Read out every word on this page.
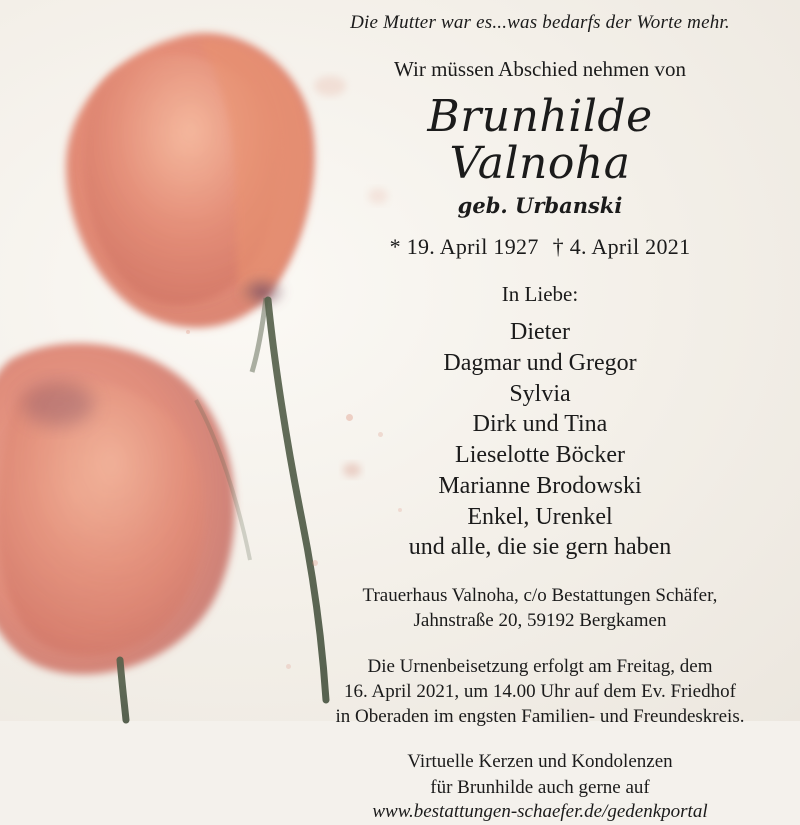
Die Mutter war es...was bedarfs der Worte mehr.
Wir müssen Abschied nehmen von
Brunhilde
Valnoha
geb. Urbanski
* 19. April 1927 † 4. April 2021
In Liebe:
Dieter
Dagmar und Gregor
Sylvia
Dirk und Tina
Lieselotte Böcker
Marianne Brodowski
Enkel, Urenkel
und alle, die sie gern haben
Trauerhaus Valnoha, c/o Bestattungen Schäfer,
Jahnstraße 20, 59192 Bergkamen
Die Urnenbeisetzung erfolgt am Freitag, dem
16. April 2021, um 14.00 Uhr auf dem Ev. Friedhof
in Oberaden im engsten Familien- und Freundeskreis.
Virtuelle Kerzen und Kondolenzen
für Brunhilde auch gerne auf
www.bestattungen-schaefer.de/gedenkportal
